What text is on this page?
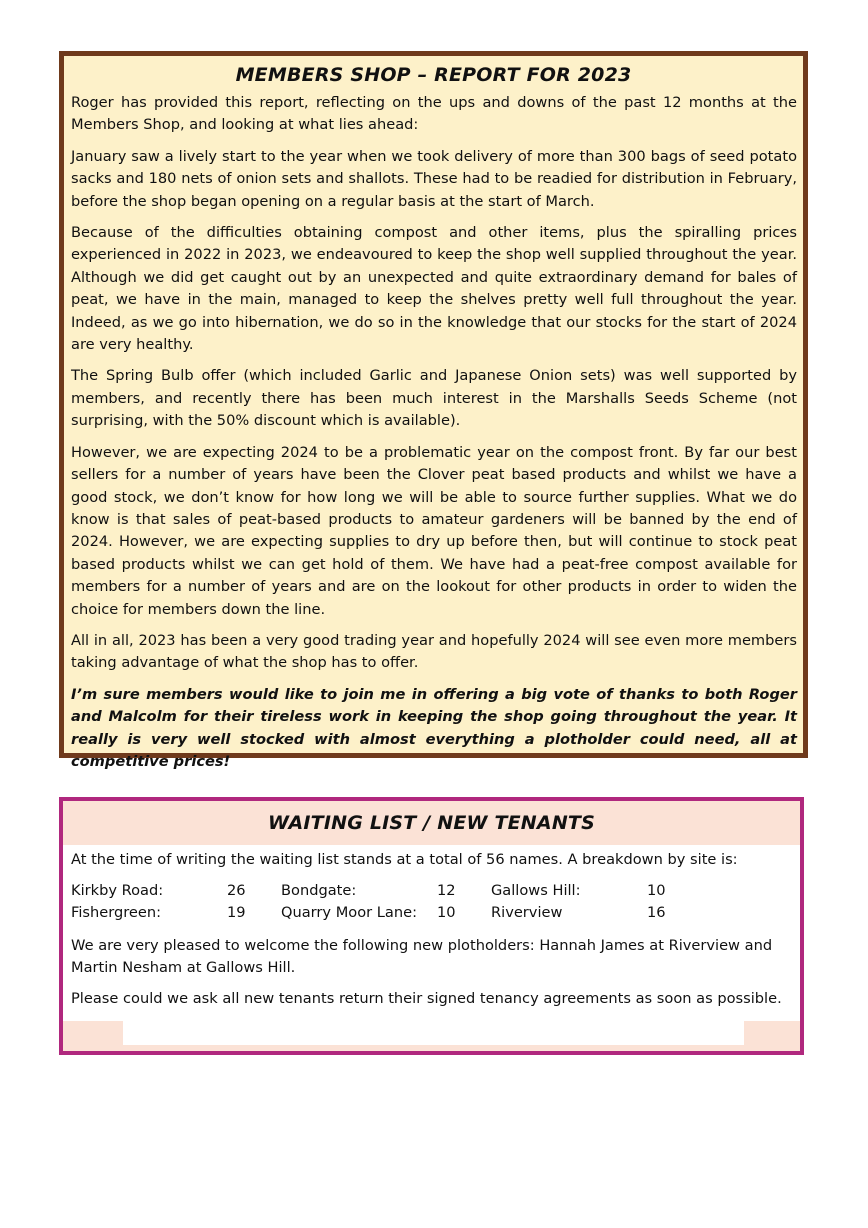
MEMBERS SHOP – REPORT FOR 2023

Roger has provided this report, reflecting on the ups and downs of the past 12 months at the Members Shop, and looking at what lies ahead:

January saw a lively start to the year when we took delivery of more than 300 bags of seed potato sacks and 180 nets of onion sets and shallots. These had to be readied for distribution in February, before the shop began opening on a regular basis at the start of March.

Because of the difficulties obtaining compost and other items, plus the spiralling prices experienced in 2022 in 2023, we endeavoured to keep the shop well supplied throughout the year. Although we did get caught out by an unexpected and quite extraordinary demand for bales of peat, we have in the main, managed to keep the shelves pretty well full throughout the year. Indeed, as we go into hibernation, we do so in the knowledge that our stocks for the start of 2024 are very healthy.

The Spring Bulb offer (which included Garlic and Japanese Onion sets) was well supported by members, and recently there has been much interest in the Marshalls Seeds Scheme (not surprising, with the 50% discount which is available).

However, we are expecting 2024 to be a problematic year on the compost front. By far our best sellers for a number of years have been the Clover peat based products and whilst we have a good stock, we don’t know for how long we will be able to source further supplies. What we do know is that sales of peat-based products to amateur gardeners will be banned by the end of 2024. However, we are expecting supplies to dry up before then, but will continue to stock peat based products whilst we can get hold of them. We have had a peat-free compost available for members for a number of years and are on the lookout for other products in order to widen the choice for members down the line.

All in all, 2023 has been a very good trading year and hopefully 2024 will see even more members taking advantage of what the shop has to offer.

I’m sure members would like to join me in offering a big vote of thanks to both Roger and Malcolm for their tireless work in keeping the shop going throughout the year. It really is very well stocked with almost everything a plotholder could need, all at competitive prices!

WAITING LIST / NEW TENANTS

At the time of writing the waiting list stands at a total of 56 names. A breakdown by site is:

Kirkby Road:	26	Bondgate:	12	Gallows Hill:	10
Fishergreen:	19	Quarry Moor Lane:	10	Riverview	16

We are very pleased to welcome the following new plotholders: Hannah James at Riverview and Martin Nesham at Gallows Hill.

Please could we ask all new tenants return their signed tenancy agreements as soon as possible.
